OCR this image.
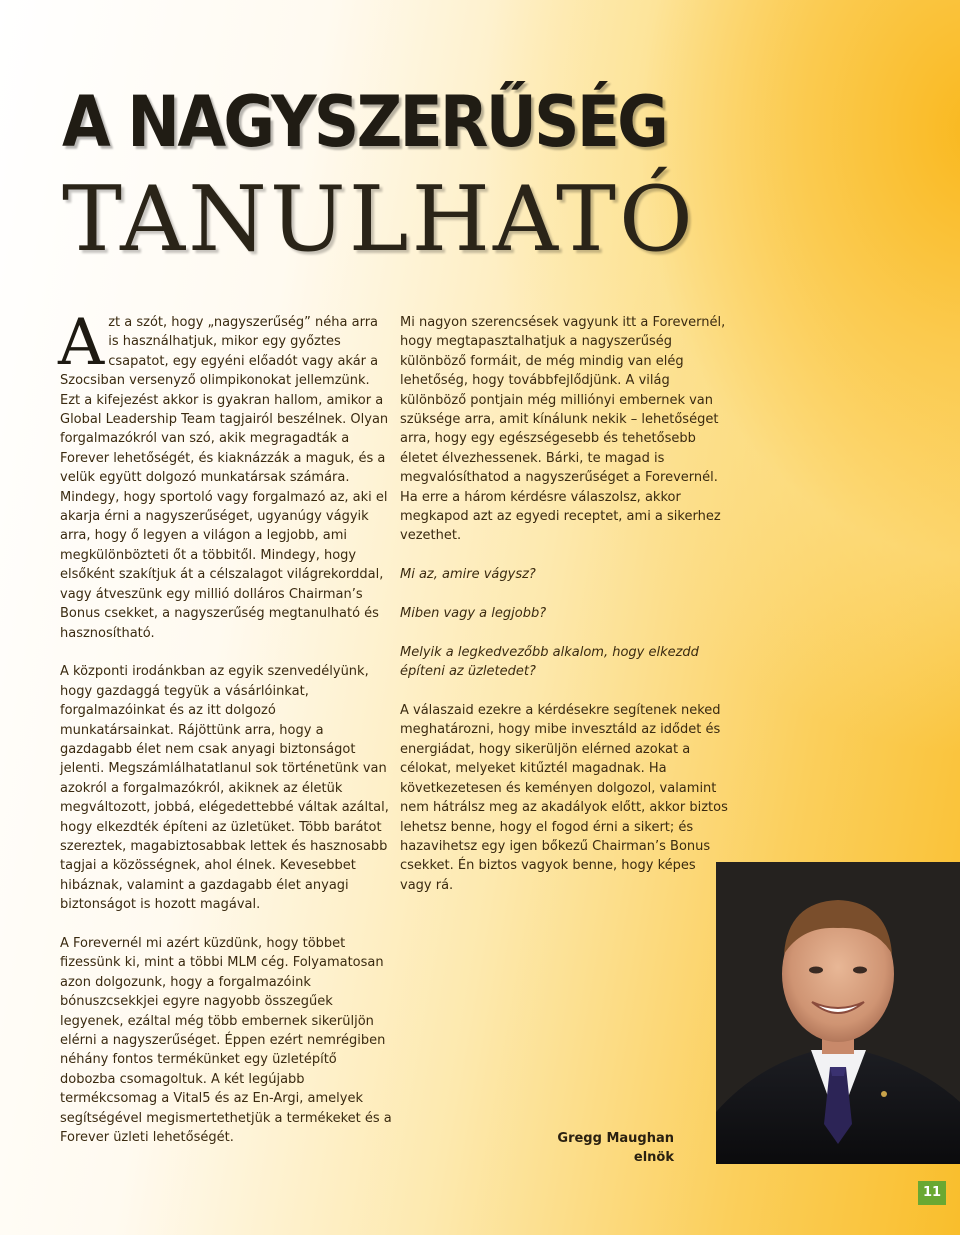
A NAGYSZERŰSÉG
TANULHATÓ

Azt a szót, hogy „nagyszerűség” néha arra is használhatjuk, mikor egy győztes csapatot, egy egyéni előadót vagy akár a Szocsiban versenyző olimpikonokat jellemzünk. Ezt a kifejezést akkor is gyakran hallom, amikor a Global Leadership Team tagjairól beszélnek. Olyan forgalmazókról van szó, akik megragadták a Forever lehetőségét, és kiaknázzák a maguk, és a velük együtt dolgozó munkatársak számára. Mindegy, hogy sportoló vagy forgalmazó az, aki el akarja érni a nagyszerűséget, ugyanúgy vágyik arra, hogy ő legyen a világon a legjobb, ami megkülönbözteti őt a többitől. Mindegy, hogy elsőként szakítjuk át a célszalagot világrekorddal, vagy átveszünk egy millió dolláros Chairman’s Bonus csekket, a nagyszerűség megtanulható és hasznosítható.

A központi irodánkban az egyik szenvedélyünk, hogy gazdaggá tegyük a vásárlóinkat, forgalmazóinkat és az itt dolgozó munkatársainkat. Rájöttünk arra, hogy a gazdagabb élet nem csak anyagi biztonságot jelenti. Megszámlálhatatlanul sok történetünk van azokról a forgalmazókról, akiknek az életük megváltozott, jobbá, elégedettebbé váltak azáltal, hogy elkezdték építeni az üzletüket. Több barátot szereztek, magabiztosabbak lettek és hasznosabb tagjai a közösségnek, ahol élnek. Kevesebbet hibáznak, valamint a gazdagabb élet anyagi biztonságot is hozott magával.

A Forevernél mi azért küzdünk, hogy többet fizessünk ki, mint a többi MLM cég. Folyamatosan azon dolgozunk, hogy a forgalmazóink bónuszcsekkjei egyre nagyobb összegűek legyenek, ezáltal még több embernek sikerüljön elérni a nagyszerűséget. Éppen ezért nemrégiben néhány fontos termékünket egy üzletépítő dobozba csomagoltuk. A két legújabb termékcsomag a Vital5 és az En-Argi, amelyek segítségével megismertethetjük a termékeket és a Forever üzleti lehetőségét.

Mi nagyon szerencsések vagyunk itt a Forevernél, hogy megtapasztalhatjuk a nagyszerűség különböző formáit, de még mindig van elég lehetőség, hogy továbbfejlődjünk. A világ különböző pontjain még milliónyi embernek van szüksége arra, amit kínálunk nekik – lehetőséget arra, hogy egy egészségesebb és tehetősebb életet élvezhessenek. Bárki, te magad is megvalósíthatod a nagyszerűséget a Forevernél. Ha erre a három kérdésre válaszolsz, akkor megkapod azt az egyedi receptet, ami a sikerhez vezethet.

Mi az, amire vágysz?

Miben vagy a legjobb?

Melyik a legkedvezőbb alkalom, hogy elkezdd építeni az üzletedet?

A válaszaid ezekre a kérdésekre segítenek neked meghatározni, hogy mibe invesztáld az idődet és energiádat, hogy sikerüljön elérned azokat a célokat, melyeket kitűztél magadnak. Ha következetesen és keményen dolgozol, valamint nem hátrálsz meg az akadályok előtt, akkor biztos lehetsz benne, hogy el fogod érni a sikert; és hazavihetsz egy igen bőkezű Chairman’s Bonus csekket. Én biztos vagyok benne, hogy képes vagy rá.

Gregg Maughan
elnök
11
